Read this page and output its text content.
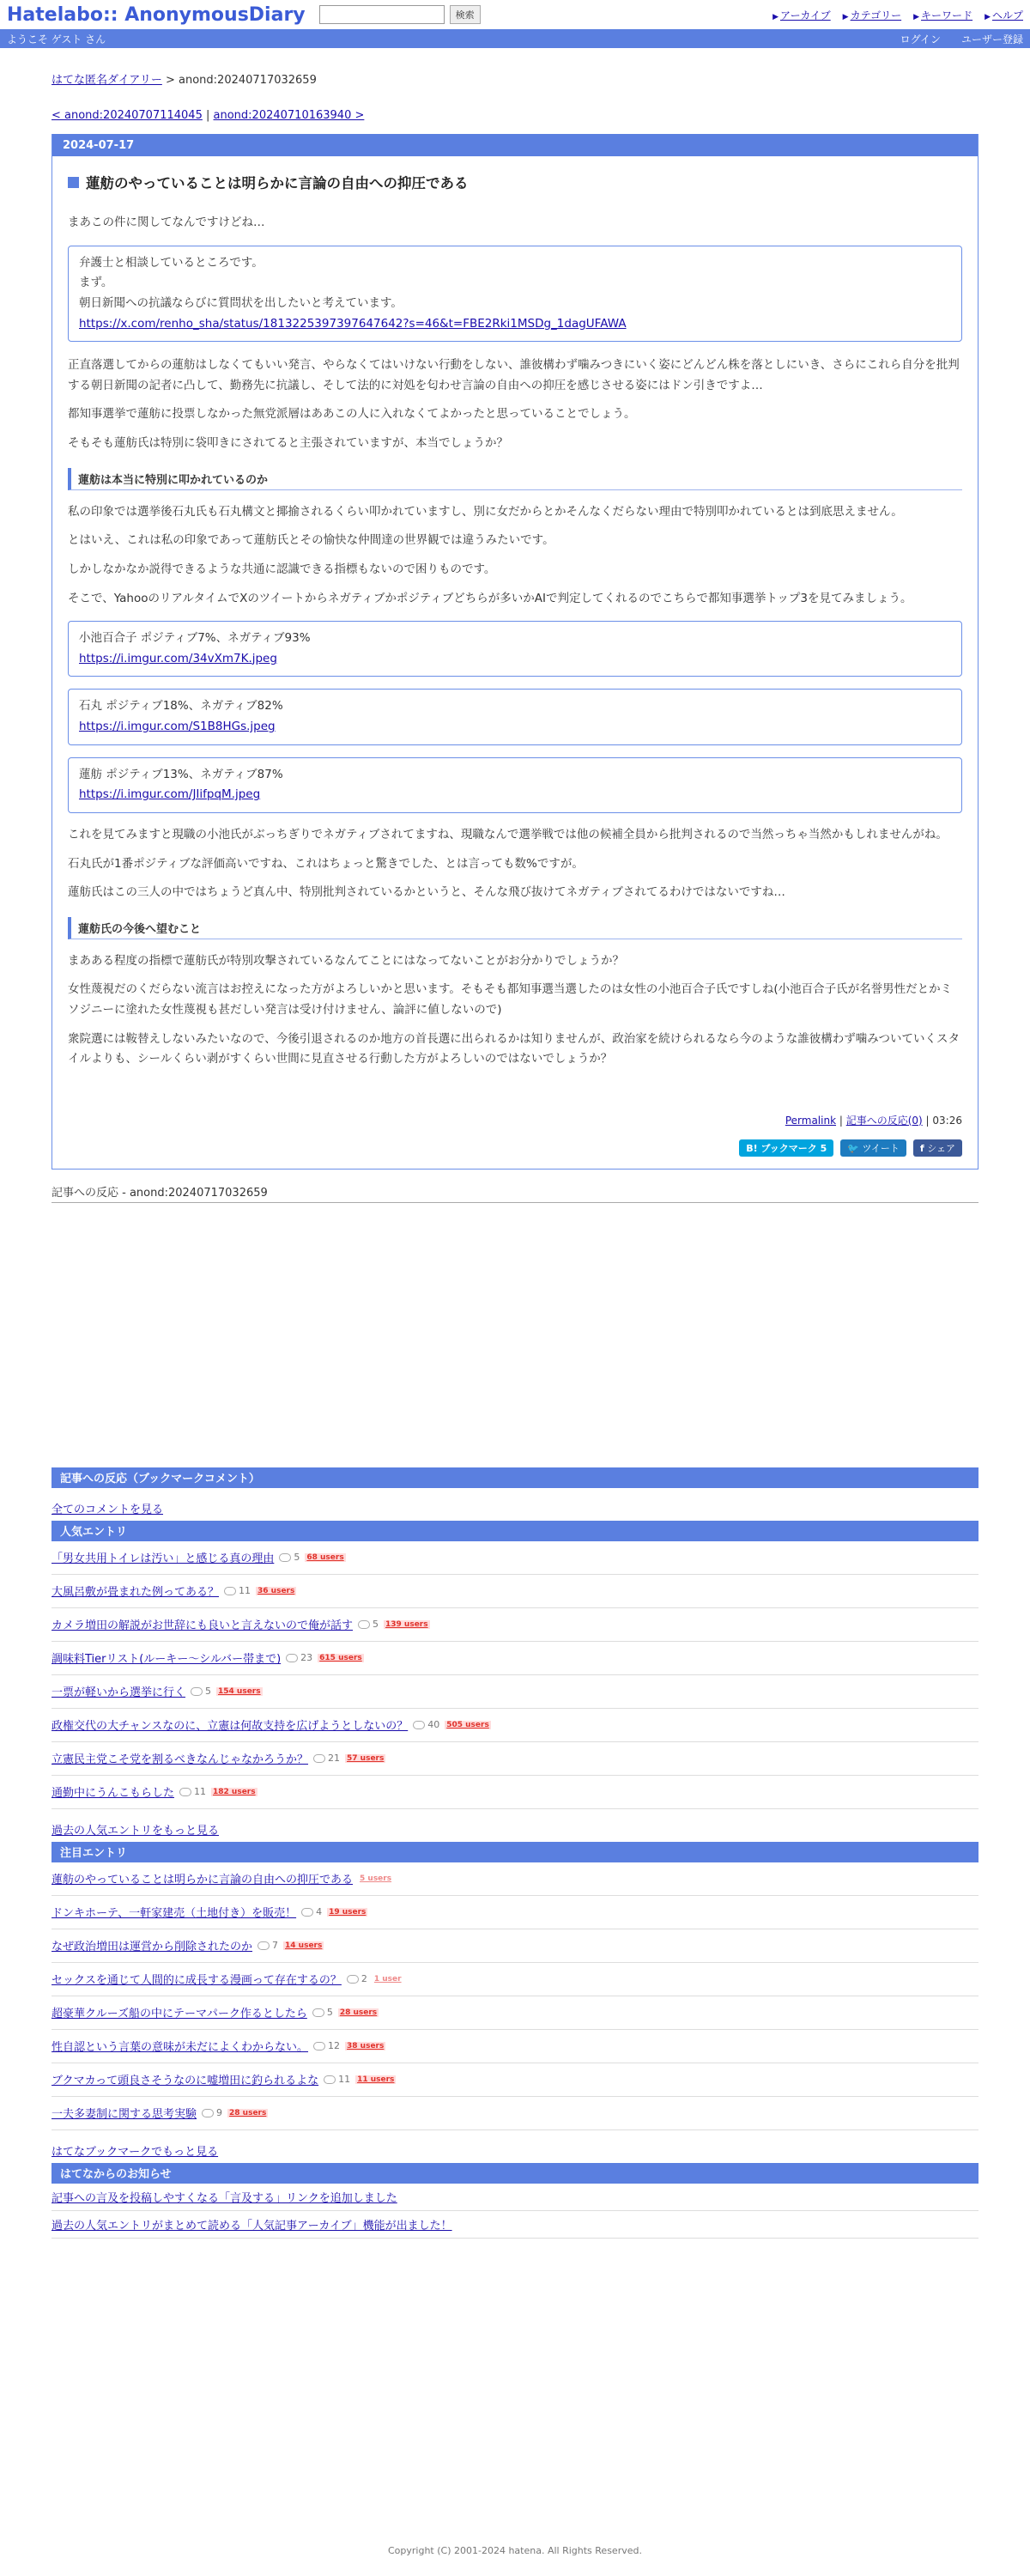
Hatelabo:: AnonymousDiary	検索	▶ アーカイブ ▶ カテゴリー ▶ キーワード ▶ ヘルプ
ようこそ ゲスト さん	ログイン ユーザー登録
はてな匿名ダイアリー > anond:20240717032659
< anond:20240707114045 | anond:20240710163940 >
2024-07-17
蓮舫のやっていることは明らかに言論の自由への抑圧である
まあこの件に関してなんですけどね…
弁護士と相談しているところです。
まず。
朝日新聞への抗議ならびに質問状を出したいと考えています。
https://x.com/renho_sha/status/1813225397397647642?s=46&t=FBE2Rki1MSDg_1dagUFAWA
正直落選してからの蓮舫はしなくてもいい発言、やらなくてはいけない行動をしない、誰彼構わず噛みつきにいく姿にどんどん株を落としにいき、さらにこれら自分を批判する朝日新聞の記者に凸して、勤務先に抗議し、そして法的に対処を匂わせ言論の自由への抑圧を感じさせる姿にはドン引きですよ…
都知事選挙で蓮舫に投票しなかった無党派層はああこの人に入れなくてよかったと思っていることでしょう。
そもそも蓮舫氏は特別に袋叩きにされてると主張されていますが、本当でしょうか？
蓮舫は本当に特別に叩かれているのか
私の印象では選挙後石丸氏も石丸構文と揶揄されるくらい叩かれていますし、別に女だからとかそんなくだらない理由で特別叩かれているとは到底思えません。
とはいえ、これは私の印象であって蓮舫氏とその愉快な仲間達の世界観では違うみたいです。
しかしなかなか説得できるような共通に認識できる指標もないので困りものです。
そこで、YahooのリアルタイムでXのツイートからネガティブかポジティブどちらが多いかAIで判定してくれるのでこちらで都知事選挙トップ3を見てみましょう。
小池百合子 ポジティブ7%、ネガティブ93%
https://i.imgur.com/34vXm7K.jpeg
石丸 ポジティブ18%、ネガティブ82%
https://i.imgur.com/S1B8HGs.jpeg
蓮舫 ポジティブ13%、ネガティブ87%
https://i.imgur.com/JIifpqM.jpeg
これを見てみますと現職の小池氏がぶっちぎりでネガティブされてますね、現職なんで選挙戦では他の候補全員から批判されるので当然っちゃ当然かもしれませんがね。
石丸氏が1番ポジティブな評価高いですね、これはちょっと驚きでした、とは言っても数%ですが。
蓮舫氏はこの三人の中ではちょうど真ん中、特別批判されているかというと、そんな飛び抜けてネガティブされてるわけではないですね…
蓮舫氏の今後へ望むこと
まあある程度の指標で蓮舫氏が特別攻撃されているなんてことにはなってないことがお分かりでしょうか？
女性蔑視だのくだらない流言はお控えになった方がよろしいかと思います。そもそも都知事選当選したのは女性の小池百合子氏ですしね(小池百合子氏が名誉男性だとかミソジニーに塗れた女性蔑視も甚だしい発言は受け付けません、論評に値しないので)
衆院選には鞍替えしないみたいなので、今後引退されるのか地方の首長選に出られるかは知りませんが、政治家を続けられるなら今のような誰彼構わず噛みついていくスタイルよりも、シールくらい剥がすくらい世間に見直させる行動した方がよろしいのではないでしょうか？
Permalink | 記事への反応(0) | 03:26
B! ブックマーク 5	🐦 ツイート	f シェア
記事への反応 - anond:20240717032659
記事への反応（ブックマークコメント）
全てのコメントを見る
人気エントリ
「男女共用トイレは汚い」と感じる真の理由 5 68 users
大風呂敷が畳まれた例ってある？ 11 36 users
カメラ増田の解説がお世辞にも良いと言えないので俺が話す 5 139 users
調味料Tierリスト(ルーキー〜シルバー帯まで) 23 615 users
一票が軽いから選挙に行く 5 154 users
政権交代の大チャンスなのに、立憲は何故支持を広げようとしないの？ 40 505 users
立憲民主党こそ党を割るべきなんじゃなかろうか？ 21 57 users
通勤中にうんこもらした 11 182 users
過去の人気エントリをもっと見る
注目エントリ
蓮舫のやっていることは明らかに言論の自由への抑圧である 5 users
ドンキホーテ、一軒家建売（土地付き）を販売！ 4 19 users
なぜ政治増田は運営から削除されたのか 7 14 users
セックスを通じて人間的に成長する漫画って存在するの？ 2 1 user
超豪華クルーズ船の中にテーマパーク作るとしたら 5 28 users
性自認という言葉の意味が未だによくわからない。 12 38 users
ブクマカって頭良さそうなのに嘘増田に釣られるよな 11 11 users
一夫多妻制に関する思考実験 9 28 users
はてなブックマークでもっと見る
はてなからのお知らせ
記事への言及を投稿しやすくなる「言及する」リンクを追加しました
過去の人気エントリがまとめて読める「人気記事アーカイブ」機能が出ました！
Copyright (C) 2001-2024 hatena. All Rights Reserved.
